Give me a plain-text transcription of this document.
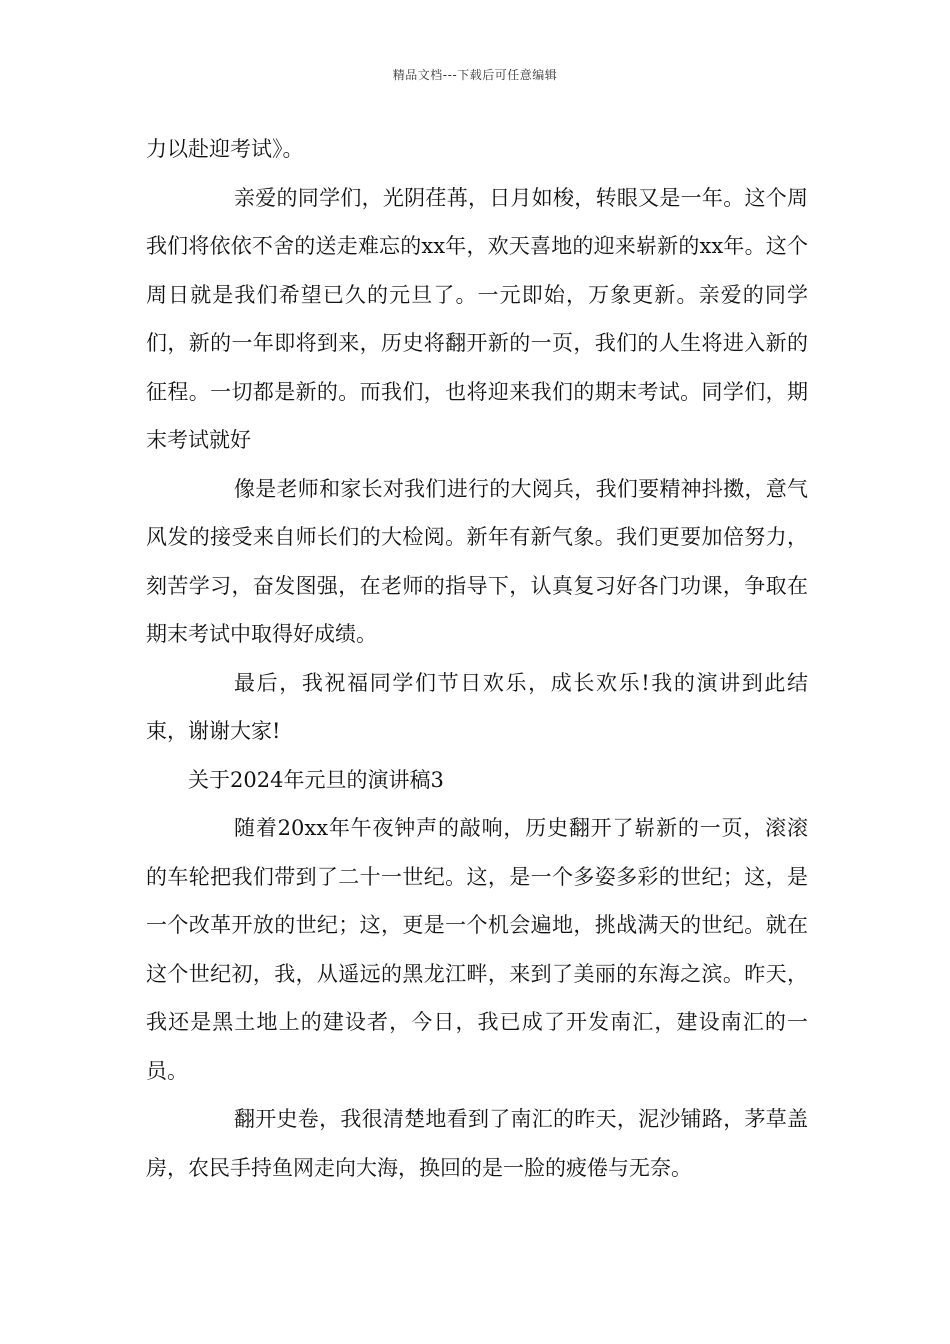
精品文档---下载后可任意编辑

力以赴迎考试》。

亲爱的同学们，光阴荏苒，日月如梭，转眼又是一年。这个周我们将依依不舍的送走难忘的xx年，欢天喜地的迎来崭新的xx年。这个周日就是我们希望已久的元旦了。一元即始，万象更新。亲爱的同学们，新的一年即将到来，历史将翻开新的一页，我们的人生将进入新的征程。一切都是新的。而我们，也将迎来我们的期末考试。同学们，期末考试就好

像是老师和家长对我们进行的大阅兵，我们要精神抖擞，意气风发的接受来自师长们的大检阅。新年有新气象。我们更要加倍努力，刻苦学习，奋发图强，在老师的指导下，认真复习好各门功课，争取在期末考试中取得好成绩。

最后，我祝福同学们节日欢乐，成长欢乐!我的演讲到此结束，谢谢大家!

关于2024年元旦的演讲稿3

随着20xx年午夜钟声的敲响，历史翻开了崭新的一页，滚滚的车轮把我们带到了二十一世纪。这，是一个多姿多彩的世纪；这，是一个改革开放的世纪；这，更是一个机会遍地，挑战满天的世纪。就在这个世纪初，我，从遥远的黑龙江畔，来到了美丽的东海之滨。昨天，我还是黑土地上的建设者，今日，我已成了开发南汇，建设南汇的一员。

翻开史卷，我很清楚地看到了南汇的昨天，泥沙铺路，茅草盖房，农民手持鱼网走向大海，换回的是一脸的疲倦与无奈。
